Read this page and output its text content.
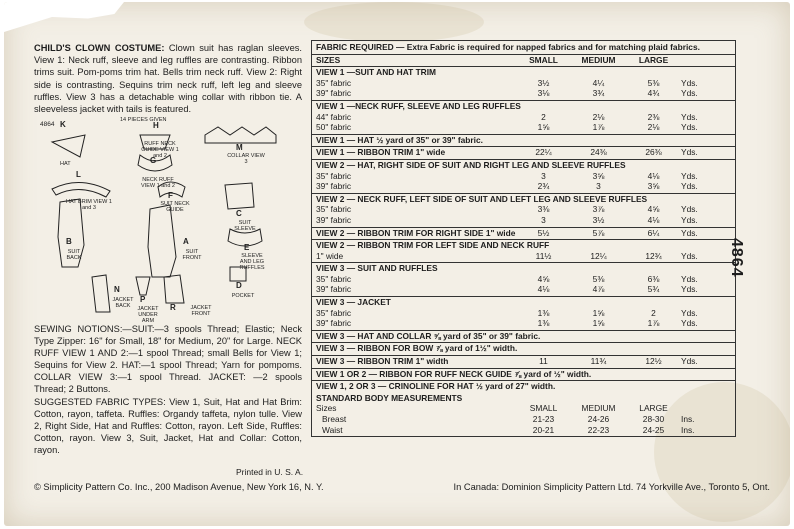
CHILD'S CLOWN COSTUME: Clown suit has raglan sleeves. View 1: Neck ruff, sleeve and leg ruffles are contrasting. Ribbon trims suit. Pom-poms trim hat. Bells trim neck ruff. View 2: Right side is contrasting. Sequins trim neck ruff, left leg and sleeve ruffles. View 3 has a detachable wing collar with ribbon tie. A sleeveless jacket with tails is featured.

14 PIECES GIVEN
K
HAT
L
HAT BRIM VIEW 1 and 3
H
RUFF NECK GUIDE VIEW 1 and 2
G
NECK RUFF VIEW 1 and 2
M
COLLAR VIEW 3
F
SUIT NECK GUIDE	C
SUIT SLEEVE
B
SUIT BACK
A
SUIT FRONT
E
SLEEVE AND LEG RUFFLES
N
JACKET BACK
P
JACKET UNDER ARM
R	JACKET FRONT
D
POCKET
4864
SEWING NOTIONS:—SUIT:—3 spools Thread; Elastic; Neck Type Zipper: 16" for Small, 18" for Medium, 20" for Large. NECK RUFF VIEW 1 AND 2:—1 spool Thread; small Bells for View 1; Sequins for View 2. HAT:—1 spool Thread; Yarn for pompoms. COLLAR VIEW 3:—1 spool Thread. JACKET: —2 spools Thread; 2 Buttons.
SUGGESTED FABRIC TYPES: View 1, Suit, Hat and Hat Brim: Cotton, rayon, taffeta. Ruffles: Organdy taffeta, nylon tulle. View 2, Right Side, Hat and Ruffles: Cotton, rayon. Left Side, Ruffles: Cotton, rayon. View 3, Suit, Jacket, Hat and Collar: Cotton, rayon.
Printed in U. S. A.
FABRIC REQUIRED — Extra Fabric is required for napped fabrics and for matching plaid fabrics.
SIZES	SMALL	MEDIUM	LARGE
VIEW 1 —SUIT AND HAT TRIM
35" fabric	3½	4¼	5⅜	Yds.
39" fabric	3⅛	3¾	4¾	Yds.
VIEW 1 —NECK RUFF, SLEEVE AND LEG RUFFLES
44" fabric	2	2⅛	2⅜	Yds.
50" fabric	1⅝	1⅞	2⅛	Yds.
VIEW 1 — HAT ½ yard of 35" or 39" fabric.
VIEW 1 — RIBBON TRIM 1" wide	22¼	24⅜	26⅜	Yds.
VIEW 2 — HAT, RIGHT SIDE OF SUIT AND RIGHT LEG AND SLEEVE RUFFLES
35" fabric	3	3⅝	4⅛	Yds.
39" fabric	2¾	3	3⅝	Yds.
VIEW 2 — NECK RUFF, LEFT SIDE OF SUIT AND LEFT LEG AND SLEEVE RUFFLES
35" fabric	3⅜	3⅞	4⅝	Yds.
39" fabric	3	3½	4⅛	Yds.
VIEW 2 — RIBBON TRIM FOR RIGHT SIDE 1" wide	5½	5⅞	6¼	Yds.
VIEW 2 — RIBBON TRIM FOR LEFT SIDE AND NECK RUFF
1" wide	11½	12¼	12¾	Yds.
VIEW 3 — SUIT AND RUFFLES
35" fabric	4⅝	5⅜	6⅜	Yds.
39" fabric	4⅛	4⅞	5¾	Yds.
VIEW 3 — JACKET
35" fabric	1⅜	1⅝	2	Yds.
39" fabric	1⅜	1⅝	1⅞	Yds.
VIEW 3 — HAT AND COLLAR ⅝ yard of 35" or 39" fabric.
VIEW 3 — RIBBON FOR BOW ⅞ yard of 1½" width.
VIEW 3 — RIBBON TRIM 1" width	11	11¾	12½	Yds.
VIEW 1 OR 2 — RIBBON FOR RUFF NECK GUIDE ⅞ yard of ½" width.
VIEW 1, 2 OR 3 — CRINOLINE FOR HAT ½ yard of 27" width.
STANDARD BODY MEASUREMENTS
Sizes	SMALL	MEDIUM	LARGE
Breast	21-23	24-26	28-30	Ins.
Waist	20-21	22-23	24-25	Ins.
4864
© Simplicity Pattern Co. Inc., 200 Madison Avenue, New York 16, N. Y.	In Canada: Dominion Simplicity Pattern Ltd. 74 Yorkville Ave., Toronto 5, Ont.
